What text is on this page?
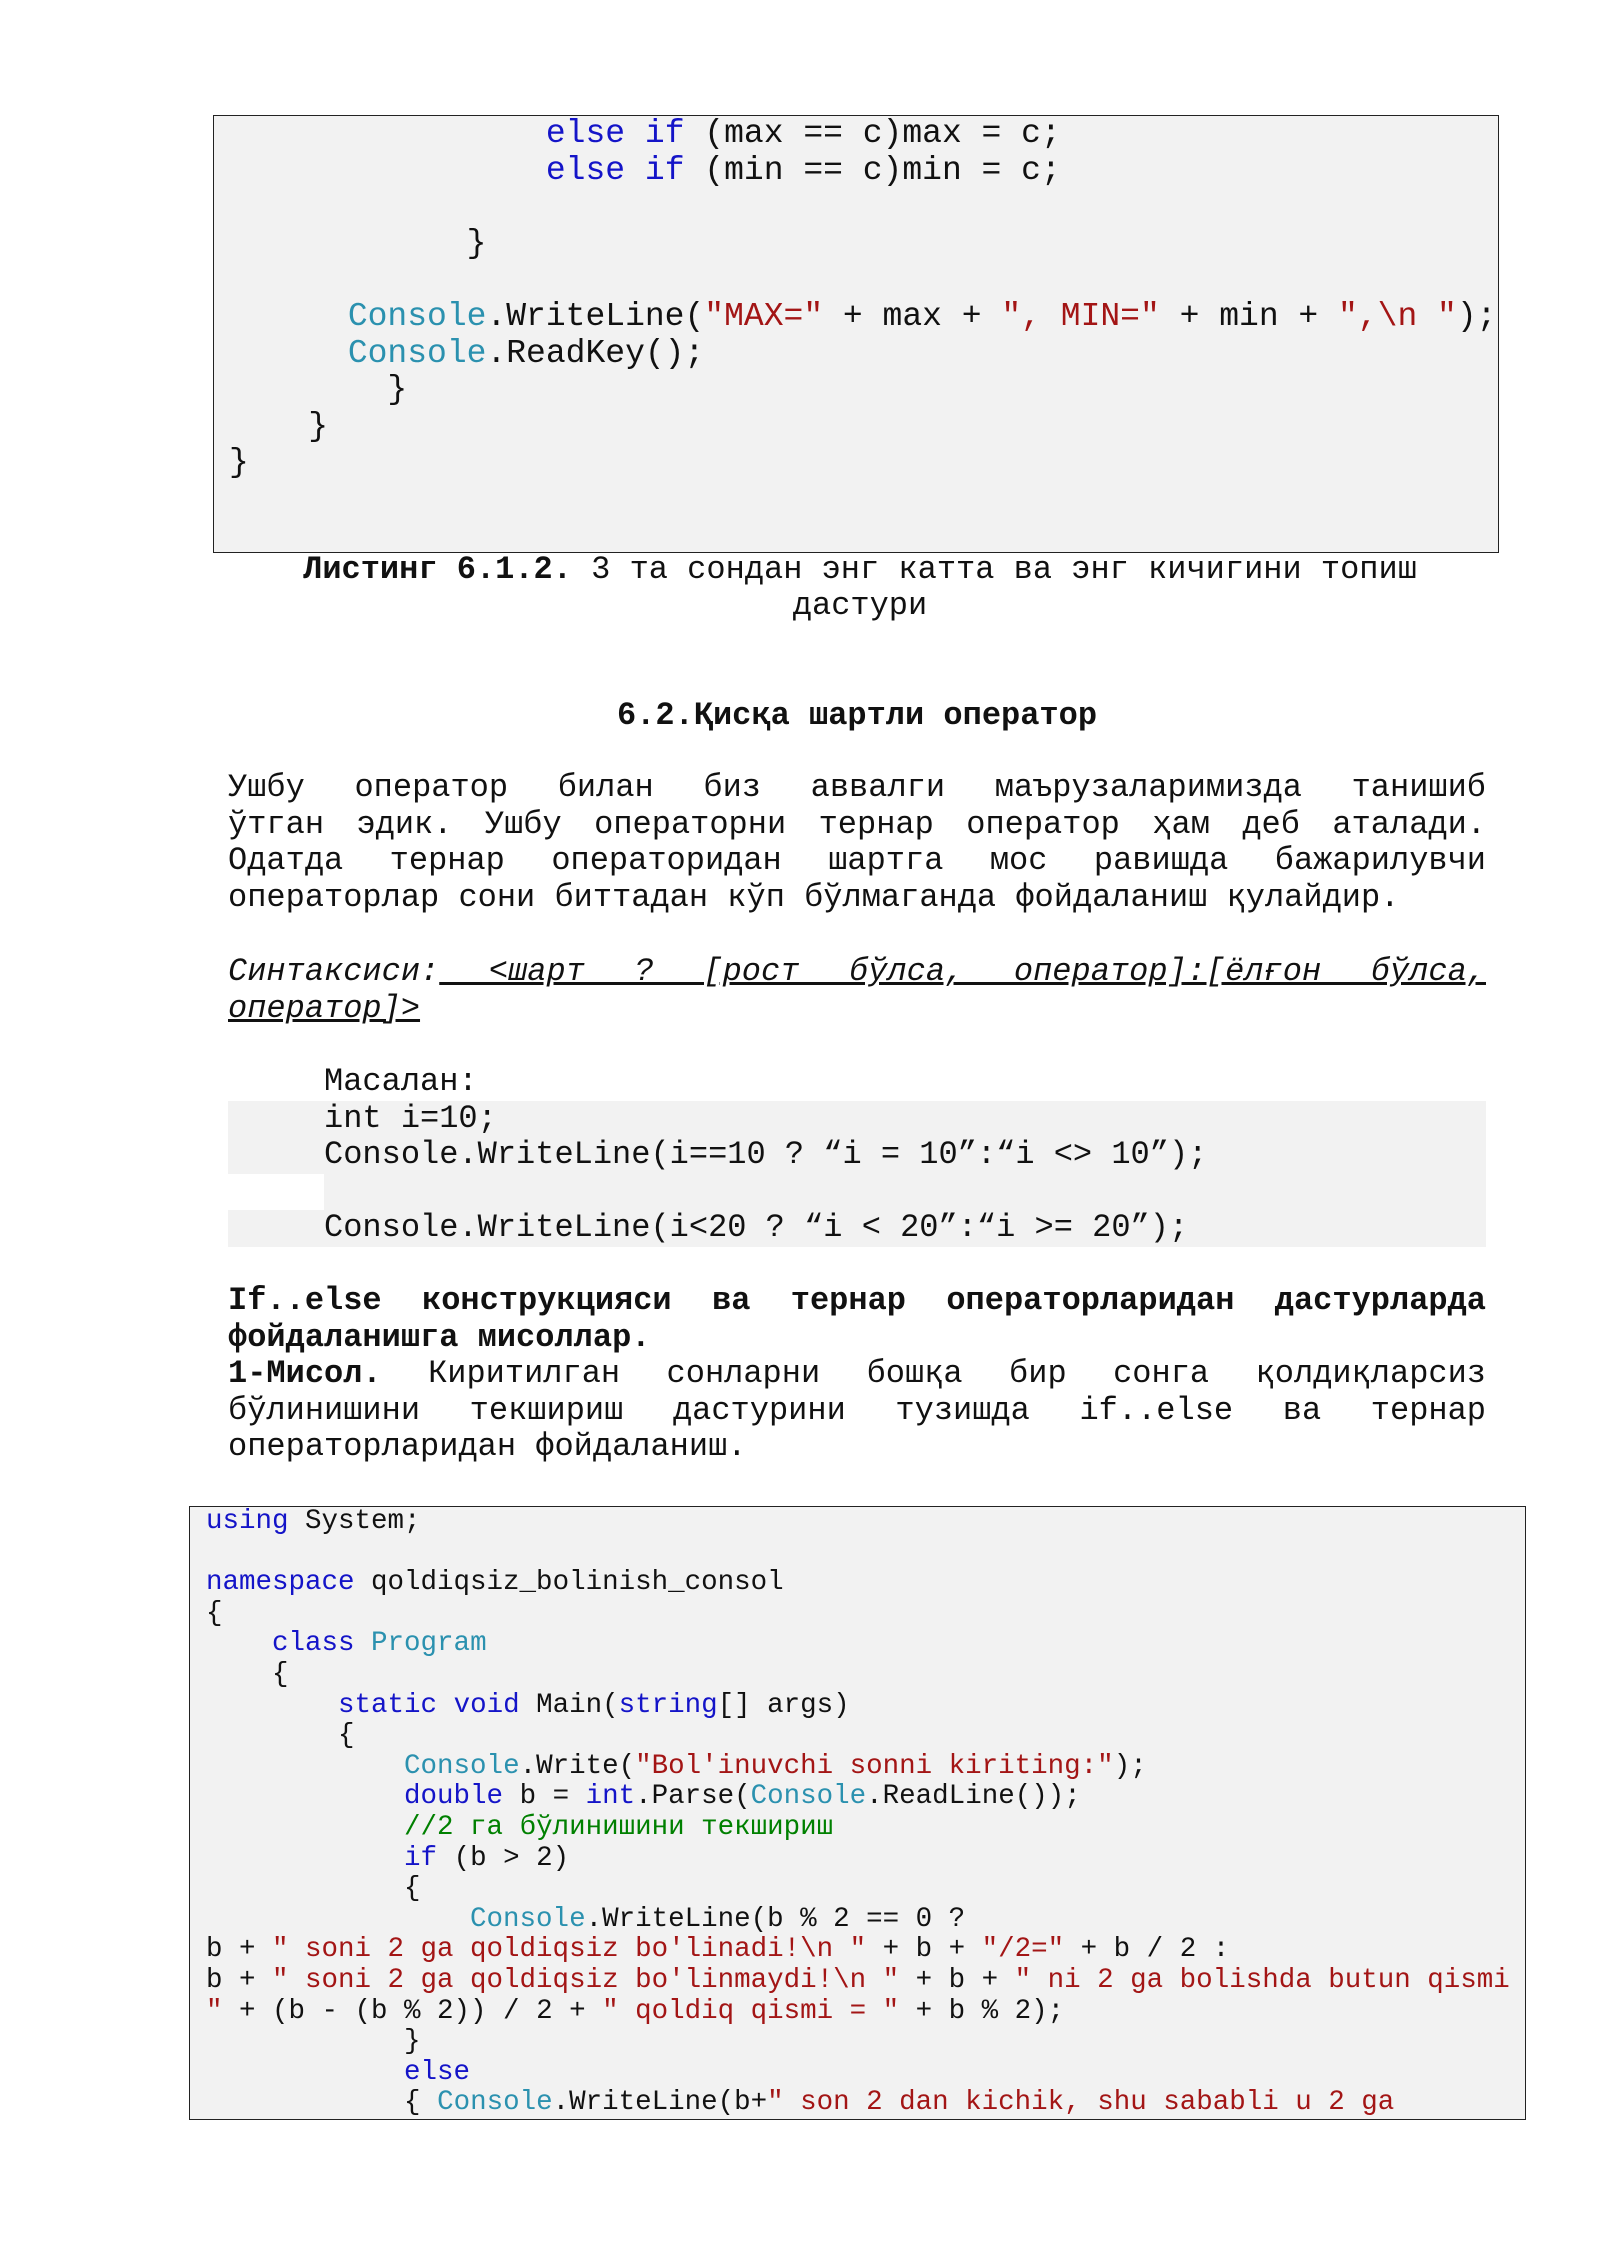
else if (max == c)max = c;
else if (min == c)min = c;

}

Console.WriteLine("MAX=" + max + ", MIN=" + min + ",\n ");
Console.ReadKey();
}
}
}
Листинг 6.1.2. 3 та сондан энг катта ва энг кичигини топиш дастури
6.2.Қисқа шартли оператор
Ушбу оператор билан биз аввалги маърузаларимизда танишиб
ўтган эдик. Ушбу операторни тернар оператор ҳам деб аталади.
Одатда тернар операторидан шартга мос равишда бажарилувчи
операторлар сони биттадан кўп бўлмаганда фойдаланиш қулайдир.
Синтаксиси: <шарт ? [рост бўлса, оператор]:[ёлғон бўлса,
оператор]>
Масалан:
int i=10;
Console.WriteLine(i==10 ? “i = 10”:“i <> 10”);
Console.WriteLine(i<20 ? “i < 20”:“i >= 20”);
If..else конструкцияси ва тернар операторларидан дастурларда
фойдаланишга мисоллар.
1-Мисол. Киритилган сонларни бошқа бир сонга қолдиқларсиз
бўлинишини текшириш дастурини тузишда if..else ва тернар
операторларидан фойдаланиш.
using System;

namespace qoldiqsiz_bolinish_consol
{
class Program
{
static void Main(string[] args)
{
Console.Write("Bol'inuvchi sonni kiriting:");
double b = int.Parse(Console.ReadLine());
//2 га бўлинишини текшириш
if (b > 2)
{
Console.WriteLine(b % 2 == 0 ?
b + " soni 2 ga qoldiqsiz bo'linadi!\n " + b + "/2=" + b / 2 :
b + " soni 2 ga qoldiqsiz bo'linmaydi!\n " + b + " ni 2 ga bolishda butun qismi
" + (b - (b % 2)) / 2 + " qoldiq qismi = " + b % 2);
}
else
{ Console.WriteLine(b+" son 2 dan kichik, shu sababli u 2 ga
